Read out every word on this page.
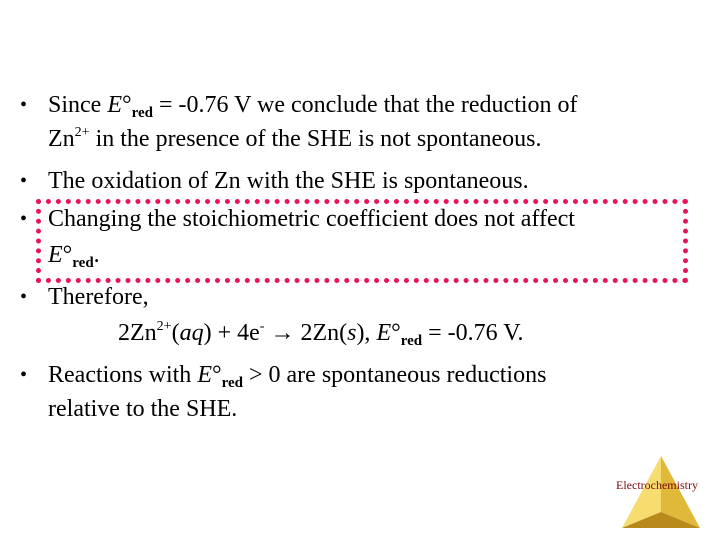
• Since $E^\circ_{red} = -0.76$ V we conclude that the reduction of
$Zn^{2+}$ in the presence of the SHE is not spontaneous.
• The oxidation of Zn with the SHE is spontaneous.
• Changing the stoichiometric coefficient does not affect
$E^\circ_{red}$.
• Therefore,
$2Zn^{2+}(aq) + 4e^- \to 2Zn(s)$, $E^\circ_{red} = -0.76$ V.
• Reactions with $E^\circ_{red} > 0$ are spontaneous reductions
relative to the SHE.
Electrochemistry
